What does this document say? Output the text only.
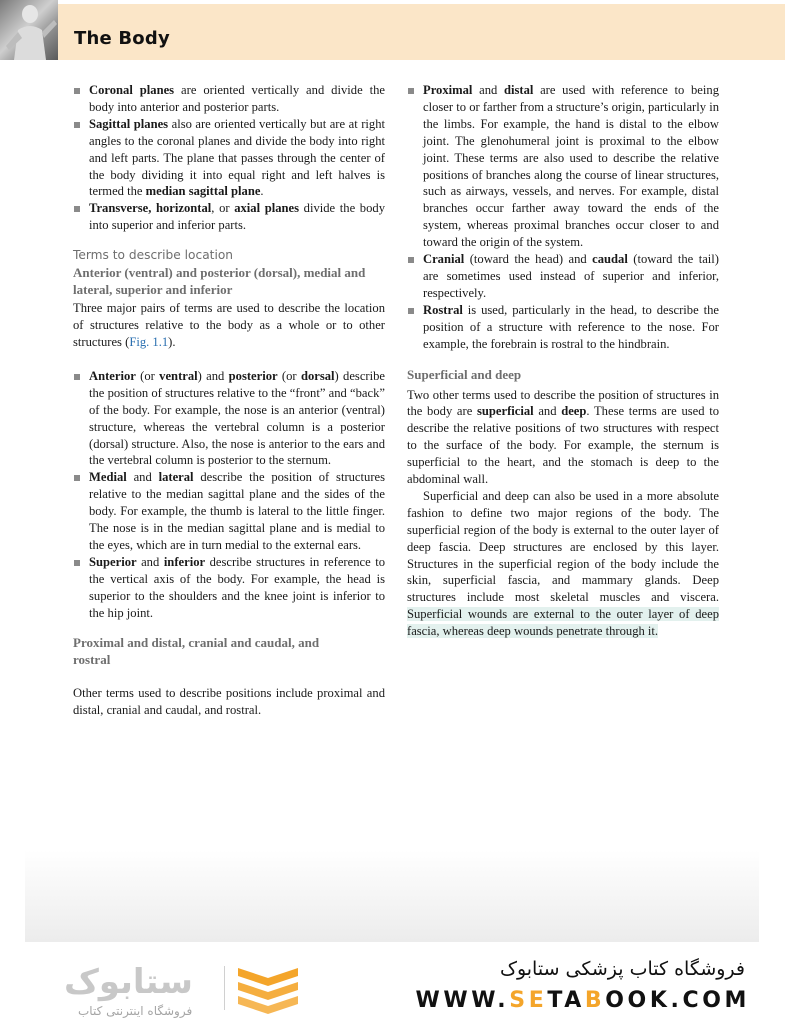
The Body
Coronal planes are oriented vertically and divide the body into anterior and posterior parts.
Sagittal planes also are oriented vertically but are at right angles to the coronal planes and divide the body into right and left parts. The plane that passes through the center of the body dividing it into equal right and left halves is termed the median sagittal plane.
Transverse, horizontal, or axial planes divide the body into superior and inferior parts.
Terms to describe location
Anterior (ventral) and posterior (dorsal), medial and lateral, superior and inferior
Three major pairs of terms are used to describe the location of structures relative to the body as a whole or to other structures (Fig. 1.1).
Anterior (or ventral) and posterior (or dorsal) describe the position of structures relative to the “front” and “back” of the body. For example, the nose is an anterior (ventral) structure, whereas the vertebral column is a posterior (dorsal) structure. Also, the nose is anterior to the ears and the vertebral column is posterior to the sternum.
Medial and lateral describe the position of structures relative to the median sagittal plane and the sides of the body. For example, the thumb is lateral to the little finger. The nose is in the median sagittal plane and is medial to the eyes, which are in turn medial to the external ears.
Superior and inferior describe structures in reference to the vertical axis of the body. For example, the head is superior to the shoulders and the knee joint is inferior to the hip joint.
Proximal and distal, cranial and caudal, and rostral
Other terms used to describe positions include proximal and distal, cranial and caudal, and rostral.
Proximal and distal are used with reference to being closer to or farther from a structure’s origin, particularly in the limbs. For example, the hand is distal to the elbow joint. The glenohumeral joint is proximal to the elbow joint. These terms are also used to describe the relative positions of branches along the course of linear structures, such as airways, vessels, and nerves. For example, distal branches occur farther away toward the ends of the system, whereas proximal branches occur closer to and toward the origin of the system.
Cranial (toward the head) and caudal (toward the tail) are sometimes used instead of superior and inferior, respectively.
Rostral is used, particularly in the head, to describe the position of a structure with reference to the nose. For example, the forebrain is rostral to the hindbrain.
Superficial and deep
Two other terms used to describe the position of structures in the body are superficial and deep. These terms are used to describe the relative positions of two structures with respect to the surface of the body. For example, the sternum is superficial to the heart, and the stomach is deep to the abdominal wall.
Superficial and deep can also be used in a more absolute fashion to define two major regions of the body. The superficial region of the body is external to the outer layer of deep fascia. Deep structures are enclosed by this layer. Structures in the superficial region of the body include the skin, superficial fascia, and mammary glands. Deep structures include most skeletal muscles and viscera. Superficial wounds are external to the outer layer of deep fascia, whereas deep wounds penetrate through it.
ستابوک
فروشگاه اینترنتی کتاب
فروشگاه کتاب پزشکی ستابوک
WWW.SETABOOK.COM
